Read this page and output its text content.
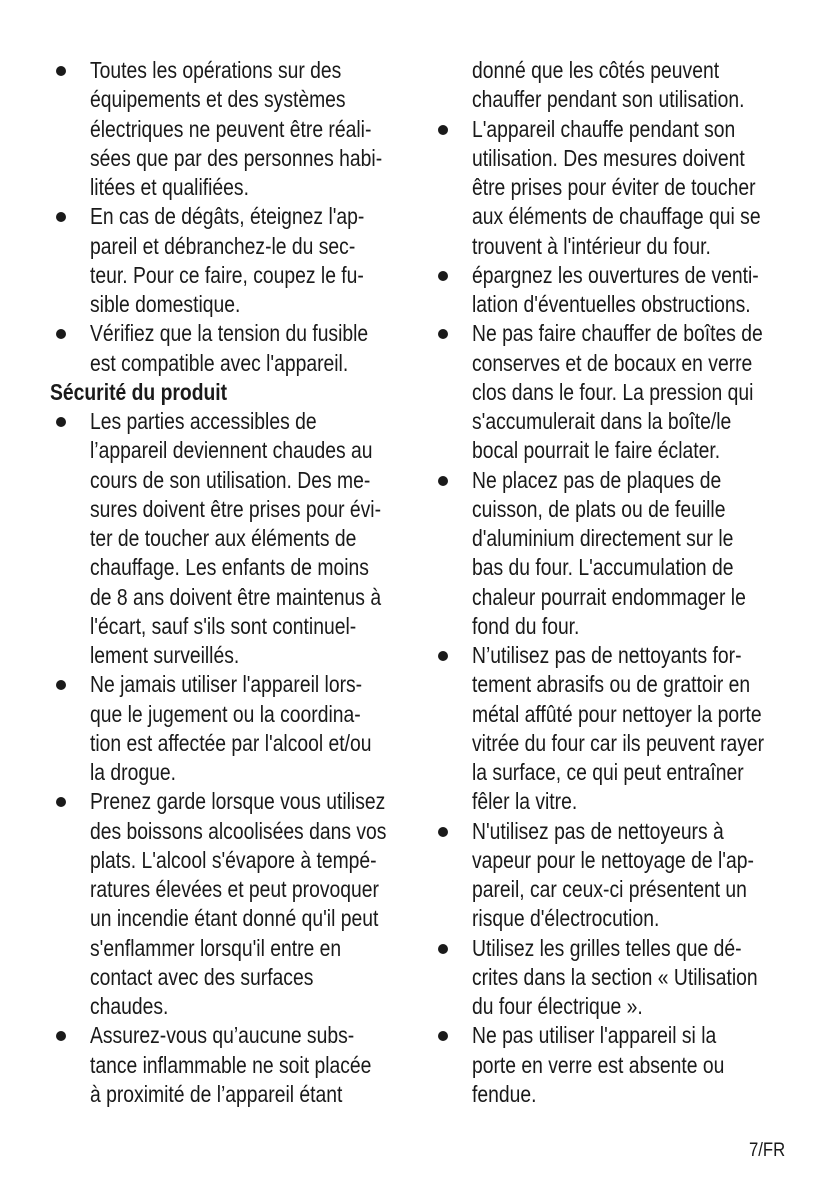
Toutes les opérations sur des
équipements et des systèmes
électriques ne peuvent être réali-
sées que par des personnes habi-
litées et qualifiées.
En cas de dégâts, éteignez l'ap-
pareil et débranchez-le du sec-
teur. Pour ce faire, coupez le fu-
sible domestique.
Vérifiez que la tension du fusible
est compatible avec l'appareil.
Sécurité du produit
Les parties accessibles de
l’appareil deviennent chaudes au
cours de son utilisation. Des me-
sures doivent être prises pour évi-
ter de toucher aux éléments de
chauffage. Les enfants de moins
de 8 ans doivent être maintenus à
l'écart, sauf s'ils sont continuel-
lement surveillés.
Ne jamais utiliser l'appareil lors-
que le jugement ou la coordina-
tion est affectée par l'alcool et/ou
la drogue.
Prenez garde lorsque vous utilisez
des boissons alcoolisées dans vos
plats. L'alcool s'évapore à tempé-
ratures élevées et peut provoquer
un incendie étant donné qu'il peut
s'enflammer lorsqu'il entre en
contact avec des surfaces
chaudes.
Assurez-vous qu’aucune subs-
tance inflammable ne soit placée
à proximité de l’appareil étant
donné que les côtés peuvent
chauffer pendant son utilisation.
L'appareil chauffe pendant son
utilisation. Des mesures doivent
être prises pour éviter de toucher
aux éléments de chauffage qui se
trouvent à l'intérieur du four.
épargnez les ouvertures de venti-
lation d'éventuelles obstructions.
Ne pas faire chauffer de boîtes de
conserves et de bocaux en verre
clos dans le four. La pression qui
s'accumulerait dans la boîte/le
bocal pourrait le faire éclater.
Ne placez pas de plaques de
cuisson, de plats ou de feuille
d'aluminium directement sur le
bas du four. L'accumulation de
chaleur pourrait endommager le
fond du four.
N’utilisez pas de nettoyants for-
tement abrasifs ou de grattoir en
métal affûté pour nettoyer la porte
vitrée du four car ils peuvent rayer
la surface, ce qui peut entraîner
fêler la vitre.
N'utilisez pas de nettoyeurs à
vapeur pour le nettoyage de l'ap-
pareil, car ceux-ci présentent un
risque d'électrocution.
Utilisez les grilles telles que dé-
crites dans la section « Utilisation
du four électrique ».
Ne pas utiliser l'appareil si la
porte en verre est absente ou
fendue.
7/FR
